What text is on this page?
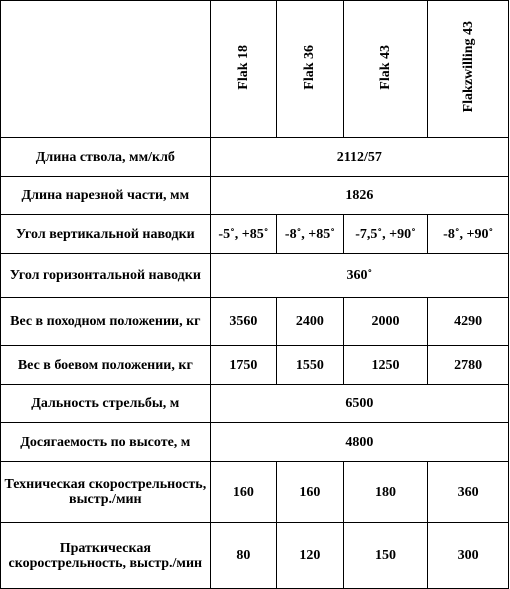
	Flak 18	Flak 36	Flak 43	Flakzwilling 43
Длина ствола, мм/клб	2112/57			
Длина нарезной части, мм	1826			
Угол вертикальной наводки	-5˚, +85˚	-8˚, +85˚	-7,5˚, +90˚	-8˚, +90˚
Угол горизонтальной наводки	360˚			
Вес в походном положении, кг	3560	2400	2000	4290
Вес в боевом положении, кг	1750	1550	1250	2780
Дальность стрельбы, м	6500			
Досягаемость по высоте, м	4800			
Техническая скорострельность, выстр./мин	160	160	180	360
Праткическая скорострельность, выстр./мин	80	120	150	300
